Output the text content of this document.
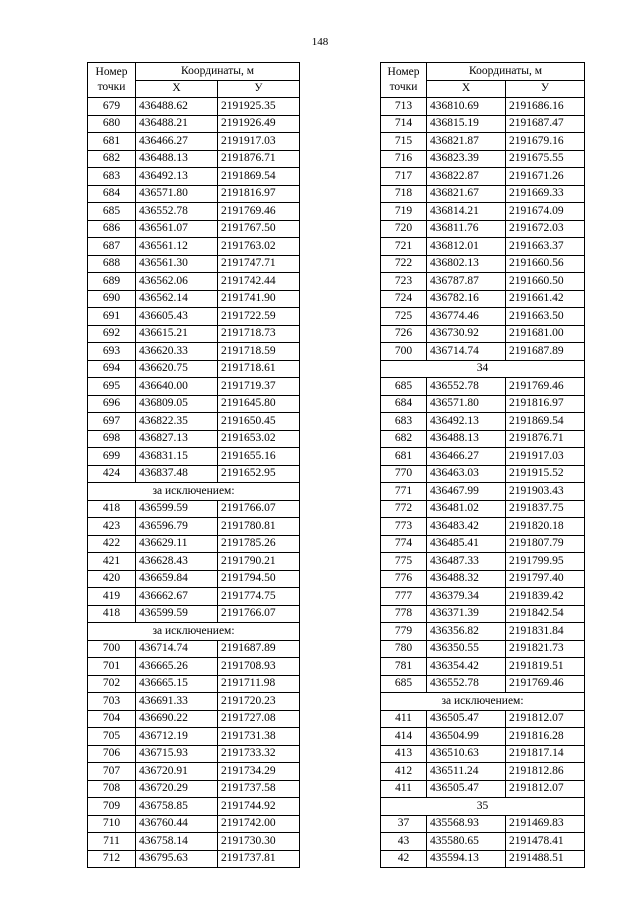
148
Номер
точки	Координаты, м	
	Х	У
679	436488.62	2191925.35
680	436488.21	2191926.49
681	436466.27	2191917.03
682	436488.13	2191876.71
683	436492.13	2191869.54
684	436571.80	2191816.97
685	436552.78	2191769.46
686	436561.07	2191767.50
687	436561.12	2191763.02
688	436561.30	2191747.71
689	436562.06	2191742.44
690	436562.14	2191741.90
691	436605.43	2191722.59
692	436615.21	2191718.73
693	436620.33	2191718.59
694	436620.75	2191718.61
695	436640.00	2191719.37
696	436809.05	2191645.80
697	436822.35	2191650.45
698	436827.13	2191653.02
699	436831.15	2191655.16
424	436837.48	2191652.95
за исключением:		
418	436599.59	2191766.07
423	436596.79	2191780.81
422	436629.11	2191785.26
421	436628.43	2191790.21
420	436659.84	2191794.50
419	436662.67	2191774.75
418	436599.59	2191766.07
за исключением:		
700	436714.74	2191687.89
701	436665.26	2191708.93
702	436665.15	2191711.98
703	436691.33	2191720.23
704	436690.22	2191727.08
705	436712.19	2191731.38
706	436715.93	2191733.32
707	436720.91	2191734.29
708	436720.29	2191737.58
709	436758.85	2191744.92
710	436760.44	2191742.00
711	436758.14	2191730.30
712	436795.63	2191737.81
Номер
точки	Координаты, м	
	Х	У
713	436810.69	2191686.16
714	436815.19	2191687.47
715	436821.87	2191679.16
716	436823.39	2191675.55
717	436822.87	2191671.26
718	436821.67	2191669.33
719	436814.21	2191674.09
720	436811.76	2191672.03
721	436812.01	2191663.37
722	436802.13	2191660.56
723	436787.87	2191660.50
724	436782.16	2191661.42
725	436774.46	2191663.50
726	436730.92	2191681.00
700	436714.74	2191687.89
34		
685	436552.78	2191769.46
684	436571.80	2191816.97
683	436492.13	2191869.54
682	436488.13	2191876.71
681	436466.27	2191917.03
770	436463.03	2191915.52
771	436467.99	2191903.43
772	436481.02	2191837.75
773	436483.42	2191820.18
774	436485.41	2191807.79
775	436487.33	2191799.95
776	436488.32	2191797.40
777	436379.34	2191839.42
778	436371.39	2191842.54
779	436356.82	2191831.84
780	436350.55	2191821.73
781	436354.42	2191819.51
685	436552.78	2191769.46
за исключением:		
411	436505.47	2191812.07
414	436504.99	2191816.28
413	436510.63	2191817.14
412	436511.24	2191812.86
411	436505.47	2191812.07
35		
37	435568.93	2191469.83
43	435580.65	2191478.41
42	435594.13	2191488.51
